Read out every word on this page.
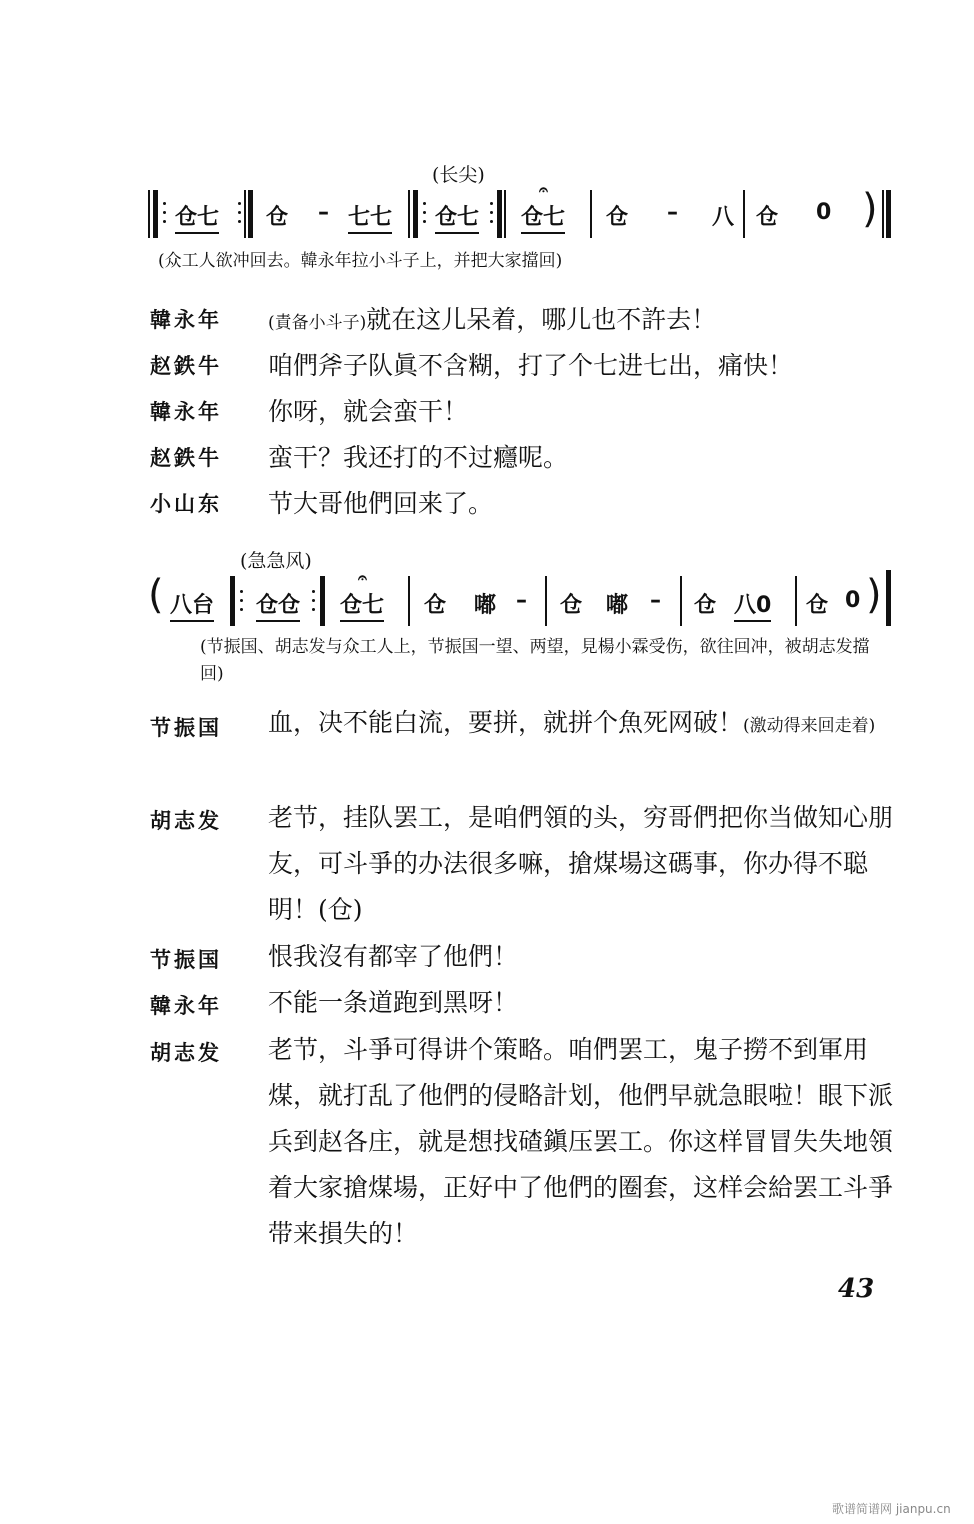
(长尖)
仓七 仓 – 七七 仓七
𝄐
仓七 仓 – 八 仓 0 )
(众工人欲冲回去。韓永年拉小斗子上，并把大家擋回)
韓永年	(責备小斗子)就在这儿呆着，哪儿也不許去！
赵鉄牛 咱們斧子队眞不含糊，打了个七进七出，痛快！
韓永年 你呀，就会蛮干！
赵鉄牛 蛮干？我还打的不过癮呢。
小山东 节大哥他們回来了。
(急急风)
( 八台 仓仓
𝄐
仓七 仓 嘟 – 仓 嘟 – 仓 八0 仓 0 )
(节振国、胡志发与众工人上，节振国一望、两望，見楊小霖受伤，欲往回冲，被胡志发擋回)
节振国 血，决不能白流，要拼，就拼个魚死网破！(激动得来回走着)
胡志发 老节，挂队罢工，是咱們領的头，穷哥們把你当做知心朋友，可斗爭的办法很多嘛，搶煤場这碼事，你办得不聪明！(仓)
节振国 恨我沒有都宰了他們！
韓永年 不能一条道跑到黑呀！
胡志发 老节，斗爭可得讲个策略。咱們罢工，鬼子撈不到軍用煤，就打乱了他們的侵略計划，他們早就急眼啦！眼下派兵到赵各庄，就是想找碴鎭压罢工。你这样冒冒失失地領着大家搶煤場，正好中了他們的圈套，这样会給罢工斗爭带来損失的！
43
歌谱简谱网 jianpu.cn
